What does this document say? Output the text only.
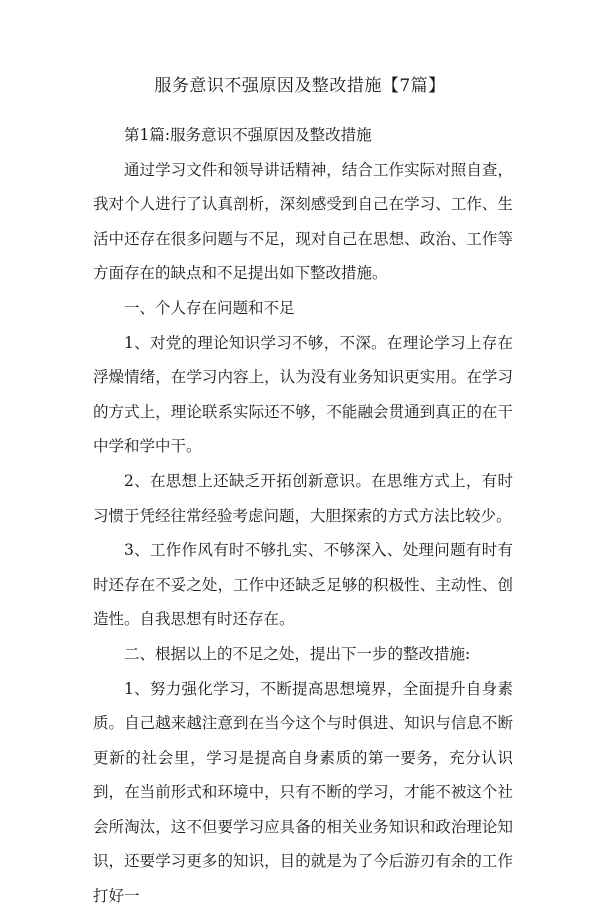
服务意识不强原因及整改措施【7篇】

第1篇:服务意识不强原因及整改措施

通过学习文件和领导讲话精神，结合工作实际对照自查，我对个人进行了认真剖析，深刻感受到自己在学习、工作、生活中还存在很多问题与不足，现对自己在思想、政治、工作等方面存在的缺点和不足提出如下整改措施。

一、个人存在问题和不足

1、对党的理论知识学习不够，不深。在理论学习上存在浮燥情绪，在学习内容上，认为没有业务知识更实用。在学习的方式上，理论联系实际还不够，不能融会贯通到真正的在干中学和学中干。

2、在思想上还缺乏开拓创新意识。在思维方式上，有时习惯于凭经往常经验考虑问题，大胆探索的方式方法比较少。

3、工作作风有时不够扎实、不够深入、处理问题有时有时还存在不妥之处，工作中还缺乏足够的积极性、主动性、创造性。自我思想有时还存在。

二、根据以上的不足之处，提出下一步的整改措施:

1、努力强化学习，不断提高思想境界，全面提升自身素质。自己越来越注意到在当今这个与时俱进、知识与信息不断更新的社会里，学习是提高自身素质的第一要务，充分认识到，在当前形式和环境中，只有不断的学习，才能不被这个社会所淘汰，这不但要学习应具备的相关业务知识和政治理论知识，还要学习更多的知识，目的就是为了今后游刃有余的工作打好一
